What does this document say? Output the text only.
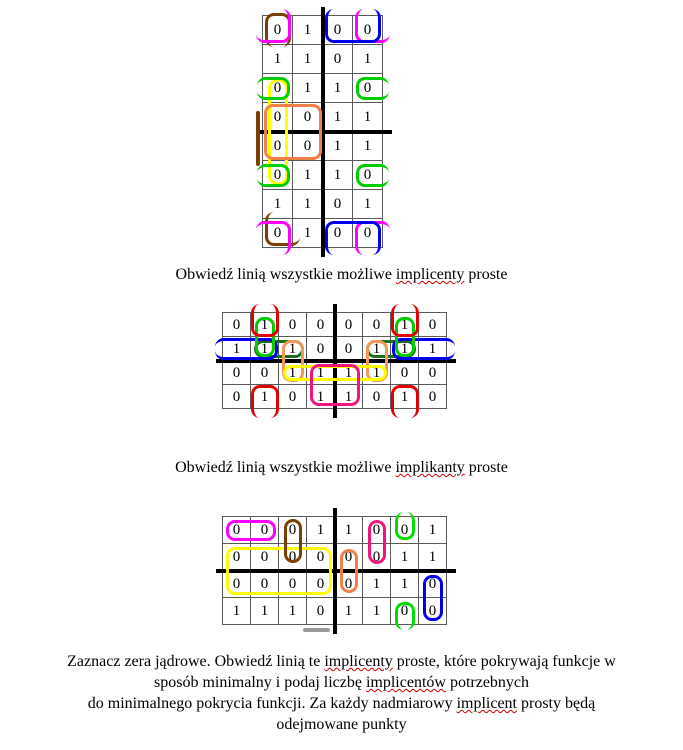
0	1	0	0
1	1	0	1
0	1	1	0
0	0	1	1
0	0	1	1
0	1	1	0
1	1	0	1
0	1	0	0
Obwiedź linią wszystkie możliwe implicenty proste
0	1	0	0	0	0	1	0
1	1	1	0	0	1	1	1
0	0	1	1	1	1	0	0
0	1	0	1	1	0	1	0
Obwiedź linią wszystkie możliwe implikanty proste
0	0	0	1	1	0	0	1
0	0	0	0	0	0	1	1
0	0	0	0	0	1	1	0
1	1	1	0	1	1	0	0
Zaznacz zera jądrowe. Obwiedź linią te implicenty proste, które pokrywają funkcje w
sposób minimalny i podaj liczbę implicentów potrzebnych
do minimalnego pokrycia funkcji. Za każdy nadmiarowy implicent prosty będą
odejmowane punkty
